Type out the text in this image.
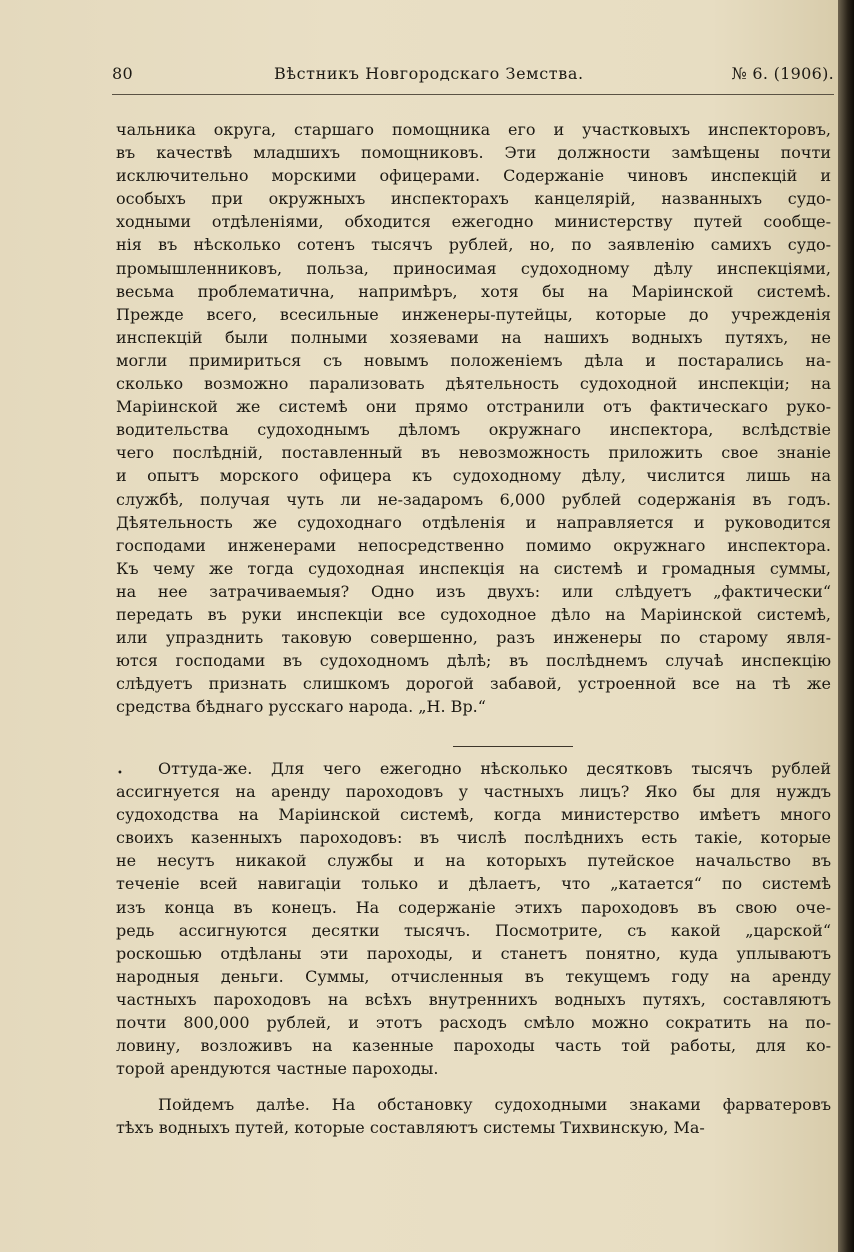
80	Вѣстникъ Новгородскаго Земства.	№ 6. (1906).
чальника округа, старшаго помощника его и участковыхъ инспекторовъ,
въ качествѣ младшихъ помощниковъ. Эти должности замѣщены почти
исключительно морскими офицерами. Содержаніе чиновъ инспекцій и
особыхъ при окружныхъ инспекторахъ канцелярій, названныхъ судо-
ходными отдѣленіями, обходится ежегодно министерству путей сообще-
нія въ нѣсколько сотенъ тысячъ рублей, но, по заявленію самихъ судо-
промышленниковъ, польза, приносимая судоходному дѣлу инспекціями,
весьма проблематична, напримѣръ, хотя бы на Маріинской системѣ.
Прежде всего, всесильные инженеры-путейцы, которые до учрежденія
инспекцій были полными хозяевами на нашихъ водныхъ путяхъ, не
могли примириться съ новымъ положеніемъ дѣла и постарались на-
сколько возможно парализовать дѣятельность судоходной инспекціи; на
Маріинской же системѣ они прямо отстранили отъ фактическаго руко-
водительства судоходнымъ дѣломъ окружнаго инспектора, вслѣдствіе
чего послѣдній, поставленный въ невозможность приложить свое знаніе
и опытъ морского офицера къ судоходному дѣлу, числится лишь на
службѣ, получая чуть ли не-задаромъ 6,000 рублей содержанія въ годъ.
Дѣятельность же судоходнаго отдѣленія и направляется и руководится
господами инженерами непосредственно помимо окружнаго инспектора.
Къ чему же тогда судоходная инспекція на системѣ и громадныя суммы,
на нее затрачиваемыя? Одно изъ двухъ: или слѣдуетъ „фактически“
передать въ руки инспекціи все судоходное дѣло на Маріинской системѣ,
или упразднить таковую совершенно, разъ инженеры по старому явля-
ются господами въ судоходномъ дѣлѣ; въ послѣднемъ случаѣ инспекцію
слѣдуетъ признать слишкомъ дорогой забавой, устроенной все на тѣ же
средства бѣднаго русскаго народа. „Н. Вр.“
•	Оттуда-же. Для чего ежегодно нѣсколько десятковъ тысячъ рублей
ассигнуется на аренду пароходовъ у частныхъ лицъ? Яко бы для нуждъ
судоходства на Маріинской системѣ, когда министерство имѣетъ много
своихъ казенныхъ пароходовъ: въ числѣ послѣднихъ есть такіе, которые
не несутъ никакой службы и на которыхъ путейское начальство въ
теченіе всей навигаціи только и дѣлаетъ, что „катается“ по системѣ
изъ конца въ конецъ. На содержаніе этихъ пароходовъ въ свою оче-
редь ассигнуются десятки тысячъ. Посмотрите, съ какой „царской“
роскошью отдѣланы эти пароходы, и станетъ понятно, куда уплываютъ
народныя деньги. Суммы, отчисленныя въ текущемъ году на аренду
частныхъ пароходовъ на всѣхъ внутреннихъ водныхъ путяхъ, составляютъ
почти 800,000 рублей, и этотъ расходъ смѣло можно сократить на по-
ловину, возложивъ на казенные пароходы часть той работы, для ко-
торой арендуются частные пароходы.
Пойдемъ далѣе. На обстановку судоходными знаками фарватеровъ
тѣхъ водныхъ путей, которые составляютъ системы Тихвинскую, Ма-
